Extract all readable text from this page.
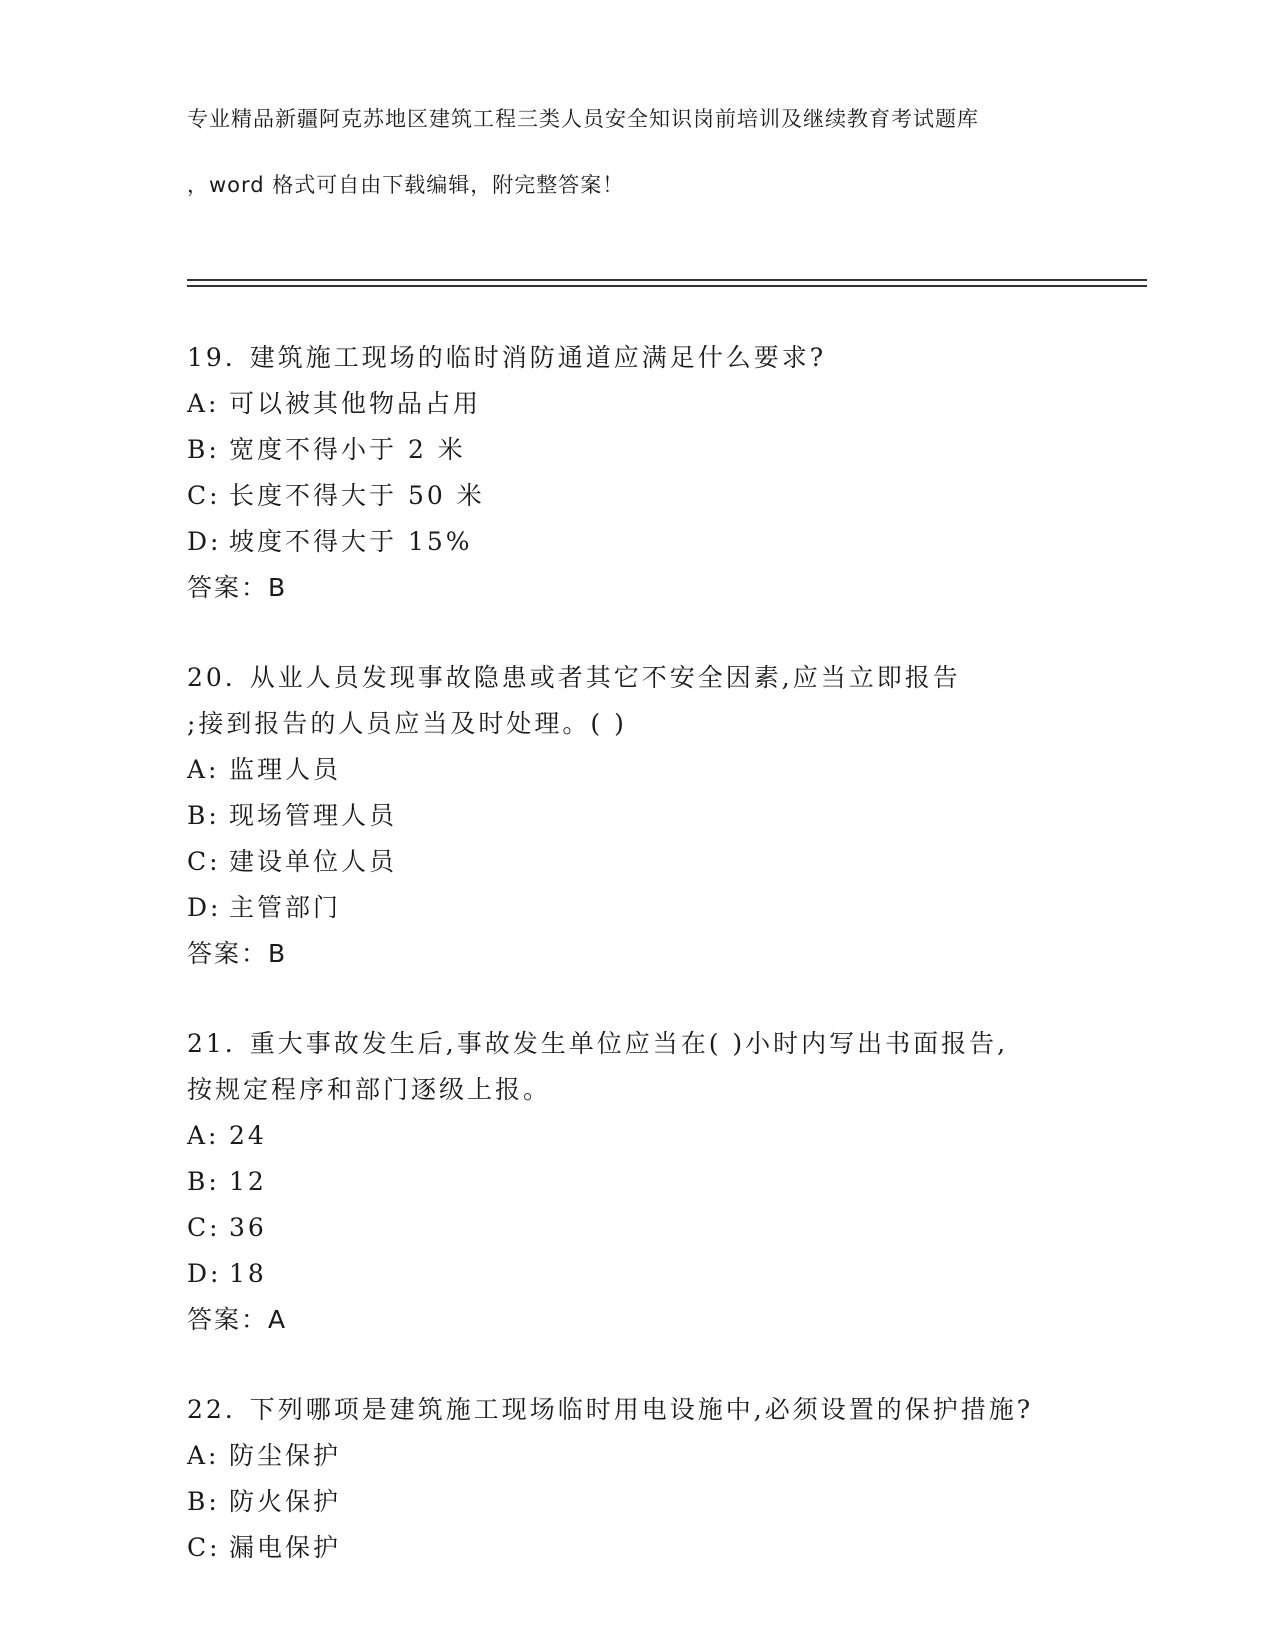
专业精品新疆阿克苏地区建筑工程三类人员安全知识岗前培训及继续教育考试题库

，word 格式可自由下载编辑，附完整答案！

19. 建筑施工现场的临时消防通道应满足什么要求?

A: 可以被其他物品占用

B: 宽度不得小于 2 米

C: 长度不得大于 50 米

D: 坡度不得大于 15%

答案：B

20. 从业人员发现事故隐患或者其它不安全因素,应当立即报告

;接到报告的人员应当及时处理。( )

A: 监理人员

B: 现场管理人员

C: 建设单位人员

D: 主管部门

答案：B

21. 重大事故发生后,事故发生单位应当在( )小时内写出书面报告,

按规定程序和部门逐级上报。

A: 24

B: 12

C: 36

D: 18

答案：A

22. 下列哪项是建筑施工现场临时用电设施中,必须设置的保护措施?

A: 防尘保护

B: 防火保护

C: 漏电保护
